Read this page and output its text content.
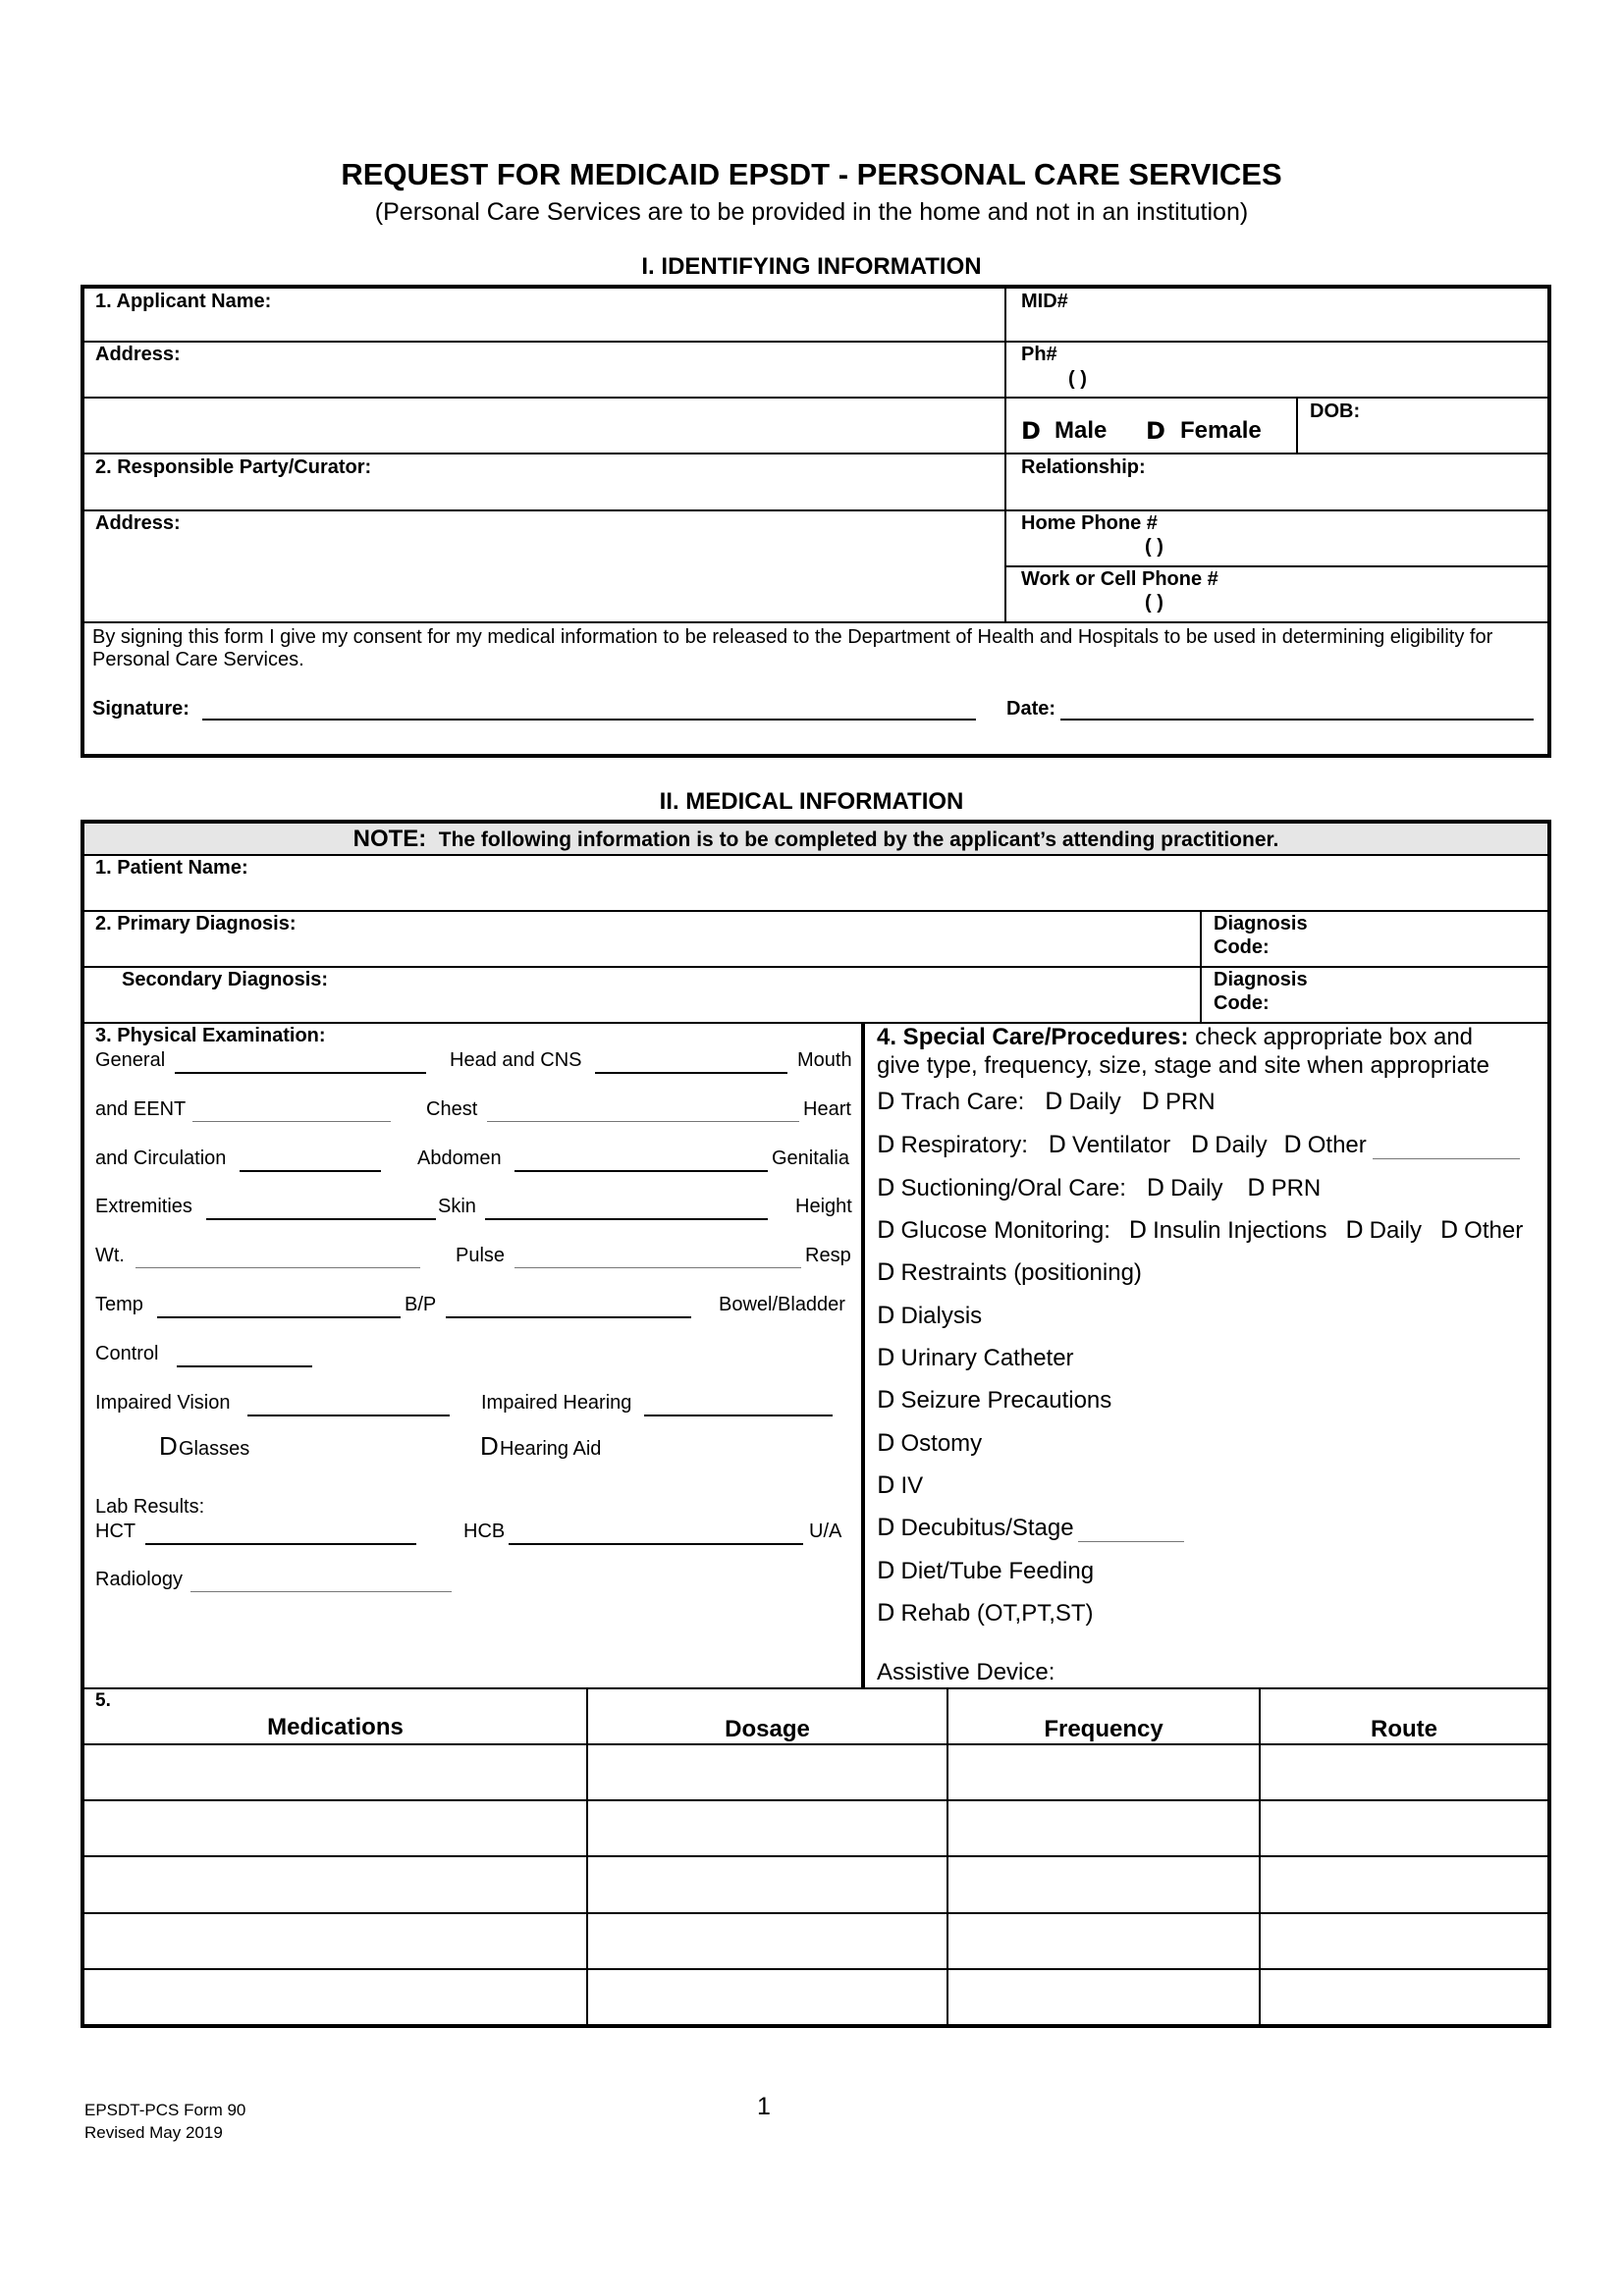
REQUEST FOR MEDICAID EPSDT - PERSONAL CARE SERVICES
(Personal Care Services are to be provided in the home and not in an institution)
I. IDENTIFYING INFORMATION
1. Applicant Name:	MID#
Address:	Ph#
( )
D Male D Female
DOB:
2. Responsible Party/Curator:	Relationship:
Address:	Home Phone #
( )
Work or Cell Phone #
( )
By signing this form I give my consent for my medical information to be released to the Department of Health and Hospitals to be used in determining eligibility for Personal Care Services.
Signature:	Date:
II. MEDICAL INFORMATION
NOTE: The following information is to be completed by the applicant’s attending practitioner.
1. Patient Name:
2. Primary Diagnosis:	Diagnosis
Code:
Secondary Diagnosis:	Diagnosis
Code:
3. Physical Examination:
General	Head and CNS	Mouth
and EENT	Chest	Heart
and Circulation	Abdomen	Genitalia
Extremities	Skin	Height
Wt.	Pulse	Resp
Temp	B/P	Bowel/Bladder
Control
Impaired Vision	Impaired Hearing
D Glasses	D Hearing Aid
Lab Results:
HCT	HCB	U/A
Radiology
4. Special Care/Procedures: check appropriate box and
give type, frequency, size, stage and site when appropriate
D Trach Care: D Daily D PRN
D Respiratory: D Ventilator D Daily D Other
D Suctioning/Oral Care: D Daily D PRN
D Glucose Monitoring: D Insulin Injections D Daily D Other
D Restraints (positioning)
D Dialysis
D Urinary Catheter
D Seizure Precautions
D Ostomy
D IV
D Decubitus/Stage
D Diet/Tube Feeding
D Rehab (OT,PT,ST)
Assistive Device:
5.
Medications	Dosage	Frequency	Route
EPSDT-PCS Form 90
Revised May 2019
1
